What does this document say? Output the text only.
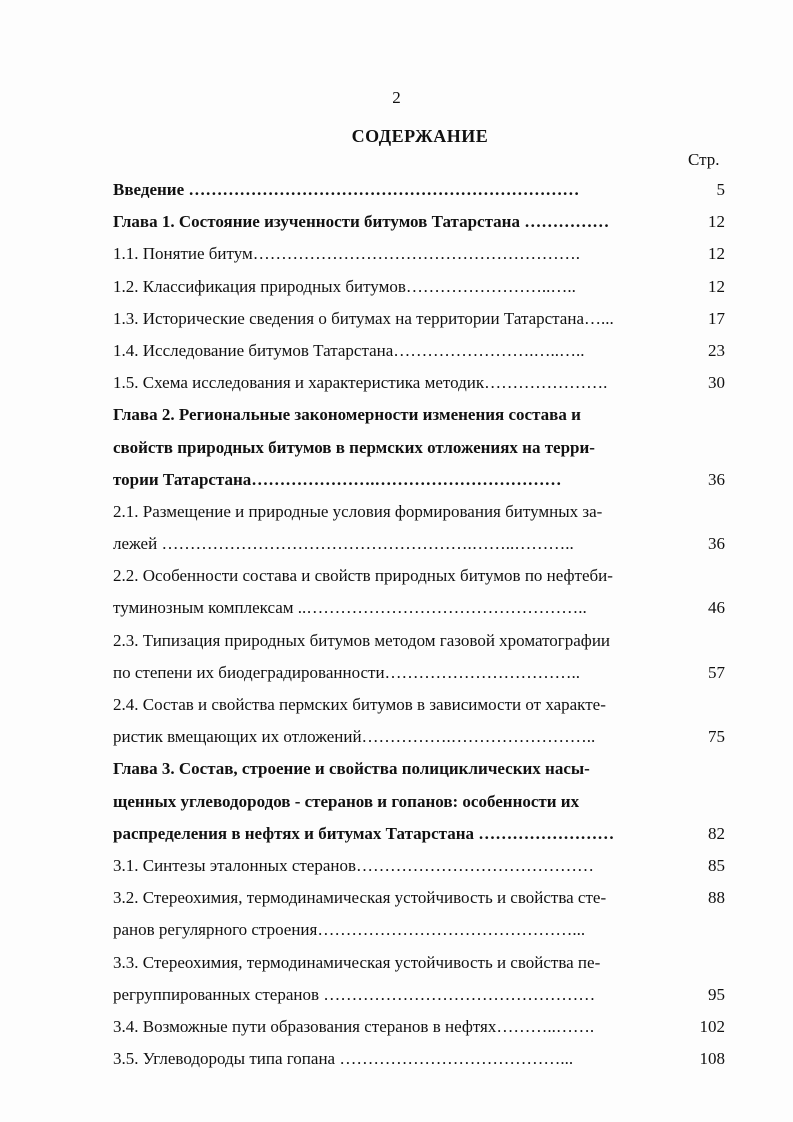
2
СОДЕРЖАНИЕ
Стр.
Введение ……………………………………………………………	5
Глава 1. Состояние изученности битумов Татарстана ……………	12
1.1. Понятие битум………………………………………………….	12
1.2. Классификация природных битумов……………………..…..	12
1.3. Исторические сведения о битумах на территории Татарстана…...	17
1.4. Исследование битумов Татарстана…………………….…..…..	23
1.5. Схема исследования и характеристика методик………………….	30
Глава 2. Региональные закономерности изменения состава и
свойств природных битумов в пермских отложениях на терри-
тории Татарстана………………….……………………………	36
2.1. Размещение и природные условия формирования битумных за-
лежей ……………………………………………….……..………..	36
2.2. Особенности состава и свойств природных битумов по нефтеби-
туминозным комплексам ..…………………………………………..	46
2.3. Типизация природных битумов методом газовой хроматографии
по степени их биодеградированности……………………………..	57
2.4. Состав и свойства пермских битумов в зависимости от характе-
ристик вмещающих их отложений…………….……………………..	75
Глава 3. Состав, строение и свойства полициклических насы-
щенных углеводородов - стеранов и гопанов: особенности их
распределения в нефтях и битумах Татарстана ……………………	82
3.1. Синтезы эталонных стеранов……………………………………	85
3.2. Стереохимия, термодинамическая устойчивость и свойства сте-	88
ранов регулярного строения………………………………………...
3.3. Стереохимия, термодинамическая устойчивость и свойства пе-
регруппированных стеранов …………………………………………	95
3.4. Возможные пути образования стеранов в нефтях………..…….	102
3.5. Углеводороды типа гопана …………………………………...	108
